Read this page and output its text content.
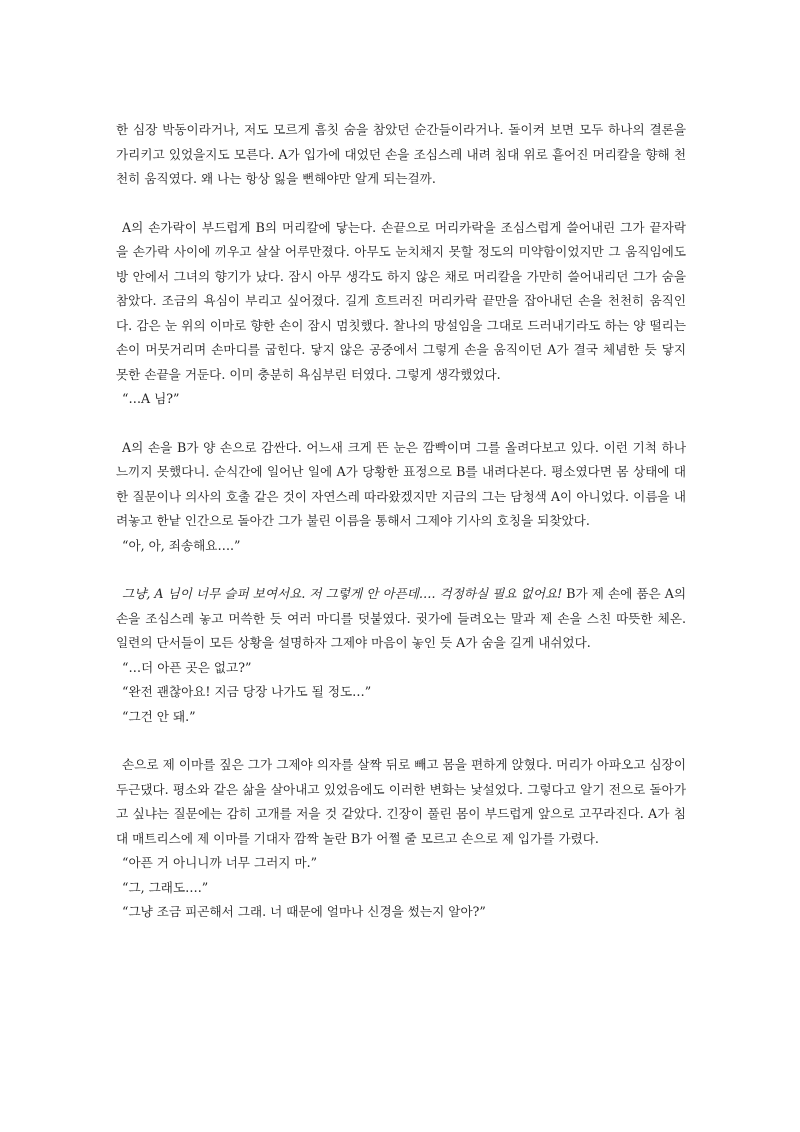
한 심장 박동이라거나, 저도 모르게 흠칫 숨을 참았던 순간들이라거나. 돌이켜 보면 모두 하나의 결론을 가리키고 있었을지도 모른다. A가 입가에 대었던 손을 조심스레 내려 침대 위로 흩어진 머리칼을 향해 천천히 움직였다. 왜 나는 항상 잃을 뻔해야만 알게 되는걸까.

A의 손가락이 부드럽게 B의 머리칼에 닿는다. 손끝으로 머리카락을 조심스럽게 쓸어내린 그가 끝자락을 손가락 사이에 끼우고 살살 어루만졌다. 아무도 눈치채지 못할 정도의 미약함이었지만 그 움직임에도 방 안에서 그녀의 향기가 났다. 잠시 아무 생각도 하지 않은 채로 머리칼을 가만히 쓸어내리던 그가 숨을 참았다. 조금의 욕심이 부리고 싶어졌다. 길게 흐트러진 머리카락 끝만을 잡아내던 손을 천천히 움직인다. 감은 눈 위의 이마로 향한 손이 잠시 멈칫했다. 찰나의 망설임을 그대로 드러내기라도 하는 양 떨리는 손이 머뭇거리며 손마디를 굽힌다. 닿지 않은 공중에서 그렇게 손을 움직이던 A가 결국 체념한 듯 닿지 못한 손끝을 거둔다. 이미 충분히 욕심부린 터였다. 그렇게 생각했었다.

“…A 님?”

A의 손을 B가 양 손으로 감싼다. 어느새 크게 뜬 눈은 깜빡이며 그를 올려다보고 있다. 이런 기척 하나 느끼지 못했다니. 순식간에 일어난 일에 A가 당황한 표정으로 B를 내려다본다. 평소였다면 몸 상태에 대한 질문이나 의사의 호출 같은 것이 자연스레 따라왔겠지만 지금의 그는 담청색 A이 아니었다. 이름을 내려놓고 한낱 인간으로 돌아간 그가 불린 이름을 통해서 그제야 기사의 호칭을 되찾았다.

“아, 아, 죄송해요….”

그냥, A 님이 너무 슬퍼 보여서요. 저 그렇게 안 아픈데…. 걱정하실 필요 없어요! B가 제 손에 품은 A의 손을 조심스레 놓고 머쓱한 듯 여러 마디를 덧붙였다. 귓가에 들려오는 말과 제 손을 스친 따뜻한 체온. 일련의 단서들이 모든 상황을 설명하자 그제야 마음이 놓인 듯 A가 숨을 길게 내쉬었다.

“…더 아픈 곳은 없고?”

“완전 괜찮아요! 지금 당장 나가도 될 정도…”

“그건 안 돼.”

손으로 제 이마를 짚은 그가 그제야 의자를 살짝 뒤로 빼고 몸을 편하게 앉혔다. 머리가 아파오고 심장이 두근댔다. 평소와 같은 삶을 살아내고 있었음에도 이러한 변화는 낯설었다. 그렇다고 알기 전으로 돌아가고 싶냐는 질문에는 감히 고개를 저을 것 같았다. 긴장이 풀린 몸이 부드럽게 앞으로 고꾸라진다. A가 침대 매트리스에 제 이마를 기대자 깜짝 놀란 B가 어쩔 줄 모르고 손으로 제 입가를 가렸다.

“아픈 거 아니니까 너무 그러지 마.”

“그, 그래도….”

“그냥 조금 피곤해서 그래. 너 때문에 얼마나 신경을 썼는지 알아?”
